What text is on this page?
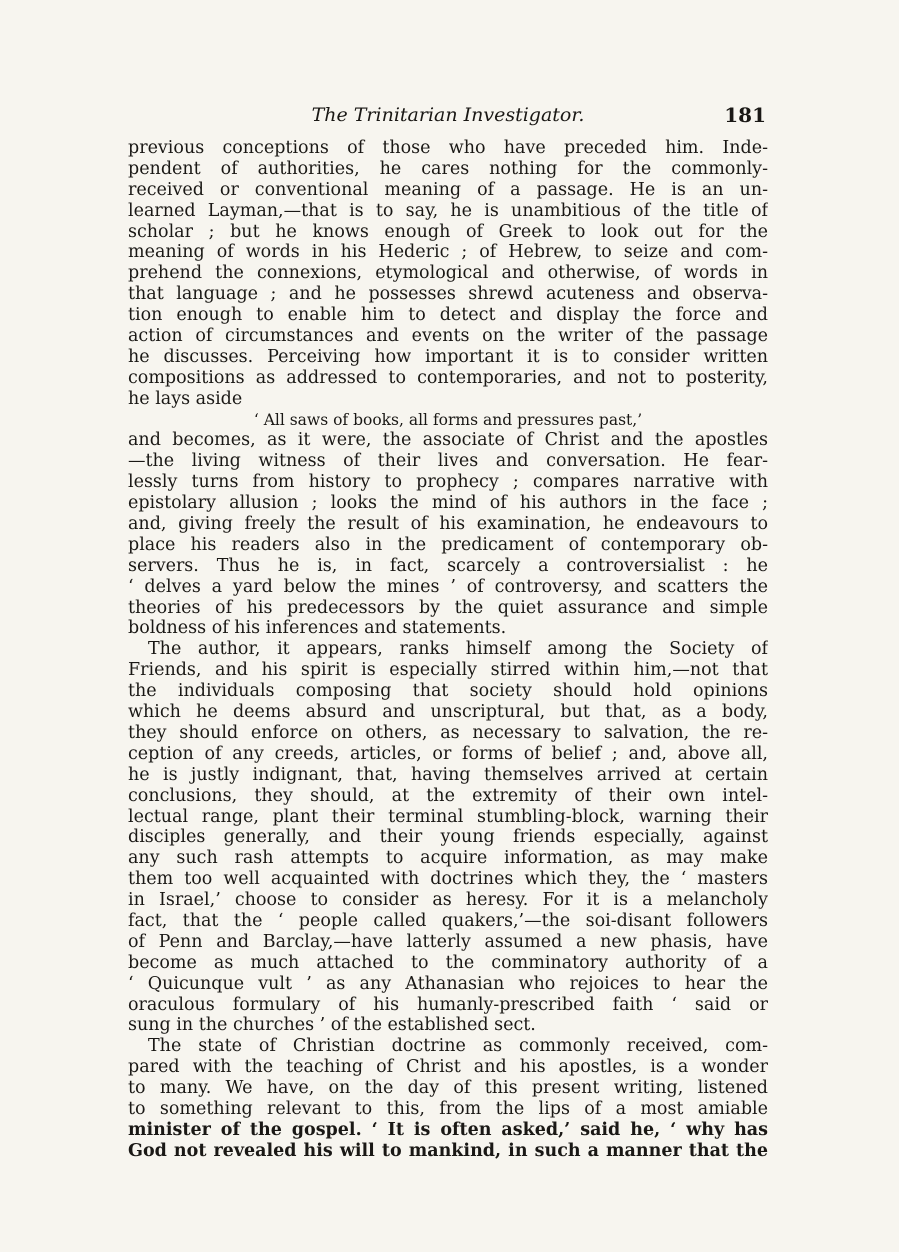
The Trinitarian Investigator.	181
previous conceptions of those who have preceded him. Inde-
pendent of authorities, he cares nothing for the commonly-
received or conventional meaning of a passage. He is an un-
learned Layman,—that is to say, he is unambitious of the title of
scholar ; but he knows enough of Greek to look out for the
meaning of words in his Hederic ; of Hebrew, to seize and com-
prehend the connexions, etymological and otherwise, of words in
that language ; and he possesses shrewd acuteness and observa-
tion enough to enable him to detect and display the force and
action of circumstances and events on the writer of the passage
he discusses. Perceiving how important it is to consider written
compositions as addressed to contemporaries, and not to posterity,
he lays aside
‘ All saws of books, all forms and pressures past,’
and becomes, as it were, the associate of Christ and the apostles
—the living witness of their lives and conversation. He fear-
lessly turns from history to prophecy ; compares narrative with
epistolary allusion ; looks the mind of his authors in the face ;
and, giving freely the result of his examination, he endeavours to
place his readers also in the predicament of contemporary ob-
servers. Thus he is, in fact, scarcely a controversialist : he
‘ delves a yard below the mines ’ of controversy, and scatters the
theories of his predecessors by the quiet assurance and simple
boldness of his inferences and statements.
The author, it appears, ranks himself among the Society of
Friends, and his spirit is especially stirred within him,—not that
the individuals composing that society should hold opinions
which he deems absurd and unscriptural, but that, as a body,
they should enforce on others, as necessary to salvation, the re-
ception of any creeds, articles, or forms of belief ; and, above all,
he is justly indignant, that, having themselves arrived at certain
conclusions, they should, at the extremity of their own intel-
lectual range, plant their terminal stumbling-block, warning their
disciples generally, and their young friends especially, against
any such rash attempts to acquire information, as may make
them too well acquainted with doctrines which they, the ‘ masters
in Israel,’ choose to consider as heresy. For it is a melancholy
fact, that the ‘ people called quakers,’—the soi-disant followers
of Penn and Barclay,—have latterly assumed a new phasis, have
become as much attached to the comminatory authority of a
‘ Quicunque vult ’ as any Athanasian who rejoices to hear the
oraculous formulary of his humanly-prescribed faith ‘ said or
sung in the churches ’ of the established sect.
The state of Christian doctrine as commonly received, com-
pared with the teaching of Christ and his apostles, is a wonder
to many. We have, on the day of this present writing, listened
to something relevant to this, from the lips of a most amiable
minister of the gospel. ‘ It is often asked,’ said he, ‘ why has
God not revealed his will to mankind, in such a manner that the
